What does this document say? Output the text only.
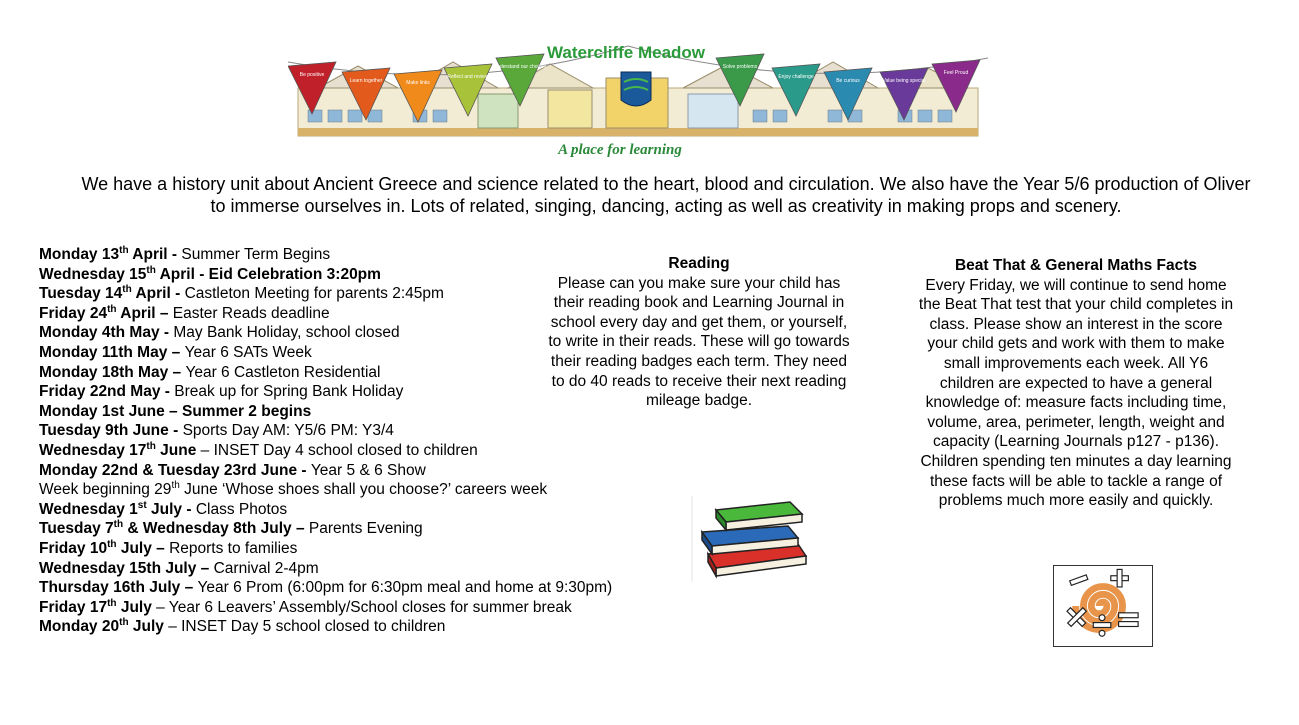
Be positive
Learn together	Make links
Reflect and review
Understand our choices	Solve problems
Enjoy challenge
Be curious	Value being special
Feel Proud
Watercliffe Meadow
A place for learning
We have a history unit about Ancient Greece and science related to the heart, blood and circulation. We also have the Year 5/6 production of Oliver to immerse ourselves in. Lots of related, singing, dancing, acting as well as creativity in making props and scenery.
Monday 13th April - Summer Term Begins
Wednesday 15th April - Eid Celebration 3:20pm
Tuesday 14th April - Castleton Meeting for parents 2:45pm
Friday 24th April – Easter Reads deadline
Monday 4th May - May Bank Holiday, school closed
Monday 11th May – Year 6 SATs Week
Monday 18th May – Year 6 Castleton Residential
Friday 22nd May - Break up for Spring Bank Holiday
Monday 1st June – Summer 2 begins
Tuesday 9th June - Sports Day AM: Y5/6 PM: Y3/4
Wednesday 17th June – INSET Day 4 school closed to children
Monday 22nd & Tuesday 23rd June - Year 5 & 6 Show
Week beginning 29th June ‘Whose shoes shall you choose?’ careers week
Wednesday 1st July - Class Photos
Tuesday 7th & Wednesday 8th July – Parents Evening
Friday 10th July – Reports to families
Wednesday 15th July – Carnival 2-4pm
Thursday 16th July – Year 6 Prom (6:00pm for 6:30pm meal and home at 9:30pm)
Friday 17th July – Year 6 Leavers’ Assembly/School closes for summer break
Monday 20th July – INSET Day 5 school closed to children
Reading
Please can you make sure your child has their reading book and Learning Journal in school every day and get them, or yourself, to write in their reads. These will go towards their reading badges each term. They need to do 40 reads to receive their next reading mileage badge.
Beat That & General Maths Facts
Every Friday, we will continue to send home the Beat That test that your child completes in class. Please show an interest in the score your child gets and work with them to make small improvements each week. All Y6 children are expected to have a general knowledge of: measure facts including time, volume, area, perimeter, length, weight and capacity (Learning Journals p127 - p136). Children spending ten minutes a day learning these facts will be able to tackle a range of problems much more easily and quickly.
